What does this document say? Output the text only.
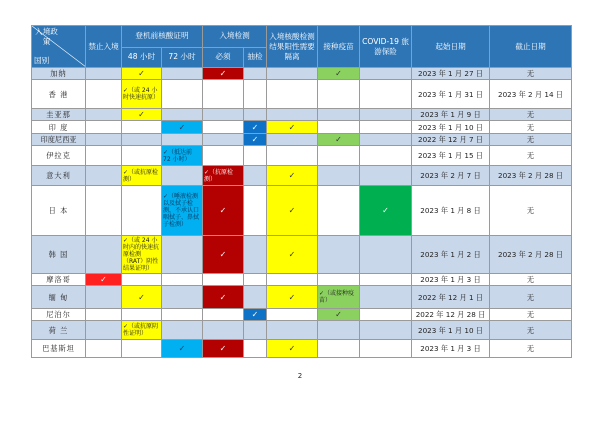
入境政策
国别	禁止入境	登机前核酸证明		入境检测		入境核酸检测结果阳性需要隔离	接种疫苗	COVID-19 旅游保险	起始日期	截止日期
		48 小时	72 小时	必须	抽检					
加纳		✓		✓			✓		2023 年 1 月 27 日	无
香 港		✓（或 24 小时快速抗原）							2023 年 1 月 31 日	2023 年 2 月 14 日
圭亚那		✓							2023 年 1 月 9 日	无
印 度			✓		✓	✓			2023 年 1 月 10 日	无
印度尼西亚					✓		✓		2022 年 12 月 7 日	无
伊拉克			✓（抵达前 72 小时）						2023 年 1 月 15 日	无
意大利		✓（或抗原检测）		✓（抗原检测）		✓			2023 年 2 月 7 日	2023 年 2 月 28 日
日 本			✓（唾液检测以及拭子检测，不承认口咽拭子、鼻拭子检测）	✓		✓		✓	2023 年 1 月 8 日	无
韩 国		✓（或 24 小时内的快速抗原检测（RAT）阴性结果证明）		✓		✓			2023 年 1 月 2 日	2023 年 2 月 28 日
摩洛哥	✓								2023 年 1 月 3 日	无
缅 甸		✓		✓		✓	✓（或接种疫苗）		2022 年 12 月 1 日	无
尼泊尔					✓		✓		2022 年 12 月 28 日	无
荷 兰		✓（或抗原阴性证明）							2023 年 1 月 10 日	无
巴基斯坦			✓	✓		✓			2023 年 1 月 3 日	无
2
